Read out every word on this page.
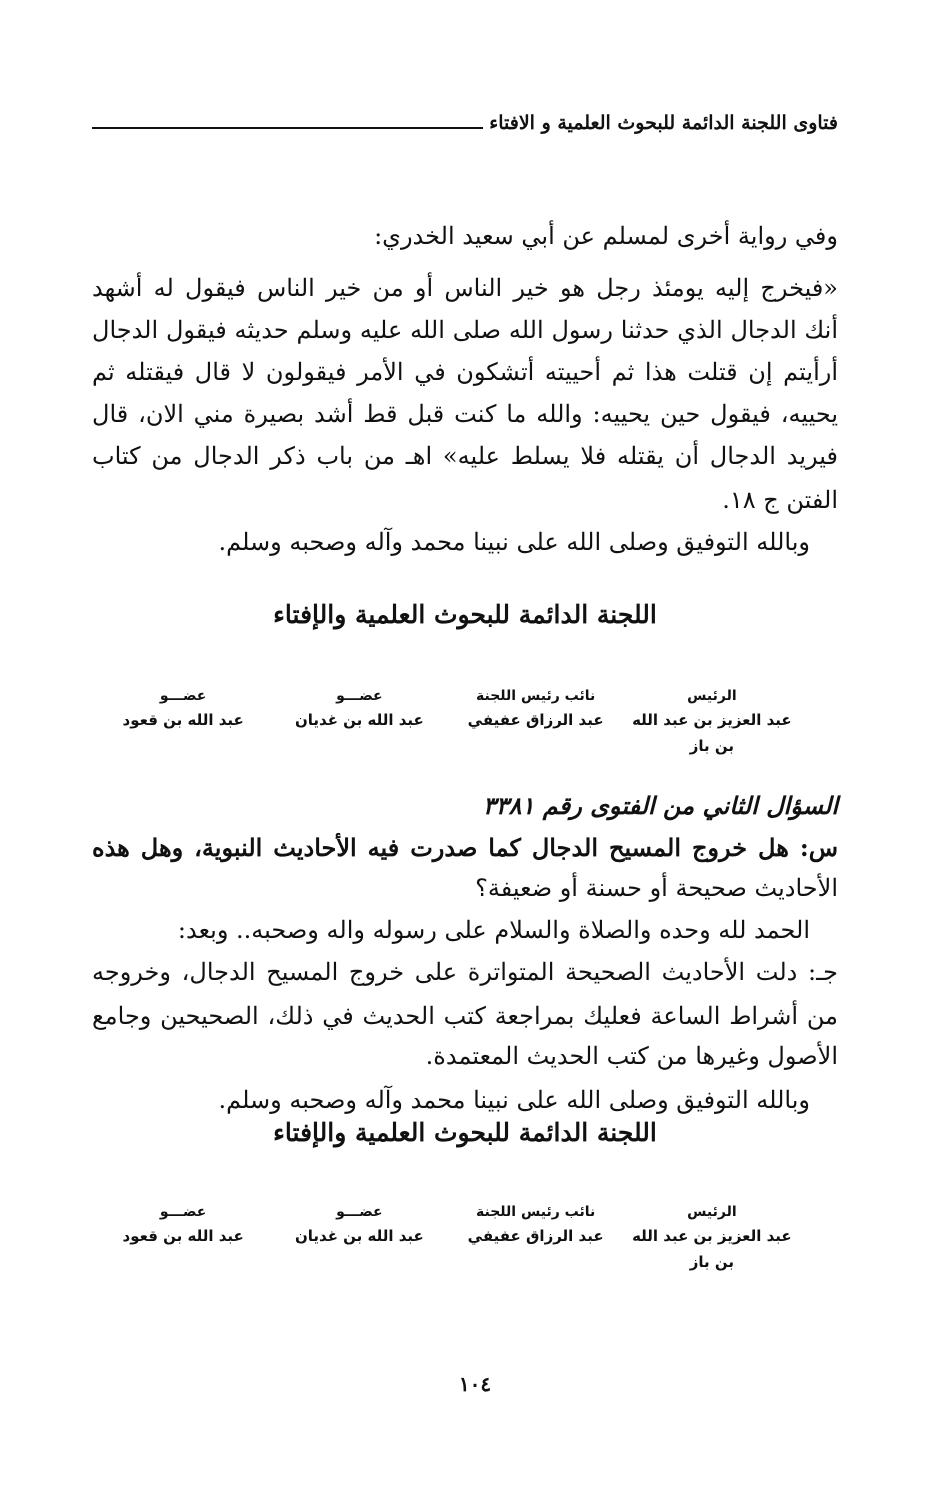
فتاوى اللجنة الدائمة للبحوث العلمية و الافتاء
وفي رواية أخرى لمسلم عن أبي سعيد الخدري:
«فيخرج إليه يومئذ رجل هو خير الناس أو من خير الناس فيقول له أشهد
أنك الدجال الذي حدثنا رسول الله صلى الله عليه وسلم حديثه فيقول الدجال
أرأيتم إن قتلت هذا ثم أحييته أتشكون في الأمر فيقولون لا قال فيقتله ثم
يحييه، فيقول حين يحييه: والله ما كنت قبل قط أشد بصيرة مني الان، قال
فيريد الدجال أن يقتله فلا يسلط عليه» اهـ من باب ذكر الدجال من كتاب
الفتن ج ١٨.
وبالله التوفيق وصلى الله على نبينا محمد وآله وصحبه وسلم.
اللجنة الدائمة للبحوث العلمية والإفتاء
الرئيس
عبد العزيز بن عبد الله بن باز
نائب رئيس اللجنة
عبد الرزاق عفيفي
عضـــو
عبد الله بن غديان
عضـــو
عبد الله بن قعود
السؤال الثاني من الفتوى رقم ٣٣٨١
س: هل خروج المسيح الدجال كما صدرت فيه الأحاديث النبوية، وهل هذه
الأحاديث صحيحة أو حسنة أو ضعيفة؟
الحمد لله وحده والصلاة والسلام على رسوله واله وصحبه.. وبعد:
جـ: دلت الأحاديث الصحيحة المتواترة على خروج المسيح الدجال، وخروجه
من أشراط الساعة فعليك بمراجعة كتب الحديث في ذلك، الصحيحين وجامع
الأصول وغيرها من كتب الحديث المعتمدة.
وبالله التوفيق وصلى الله على نبينا محمد وآله وصحبه وسلم.
اللجنة الدائمة للبحوث العلمية والإفتاء
الرئيس
عبد العزيز بن عبد الله بن باز
نائب رئيس اللجنة
عبد الرزاق عفيفي
عضـــو
عبد الله بن غديان
عضـــو
عبد الله بن قعود
١٠٤
